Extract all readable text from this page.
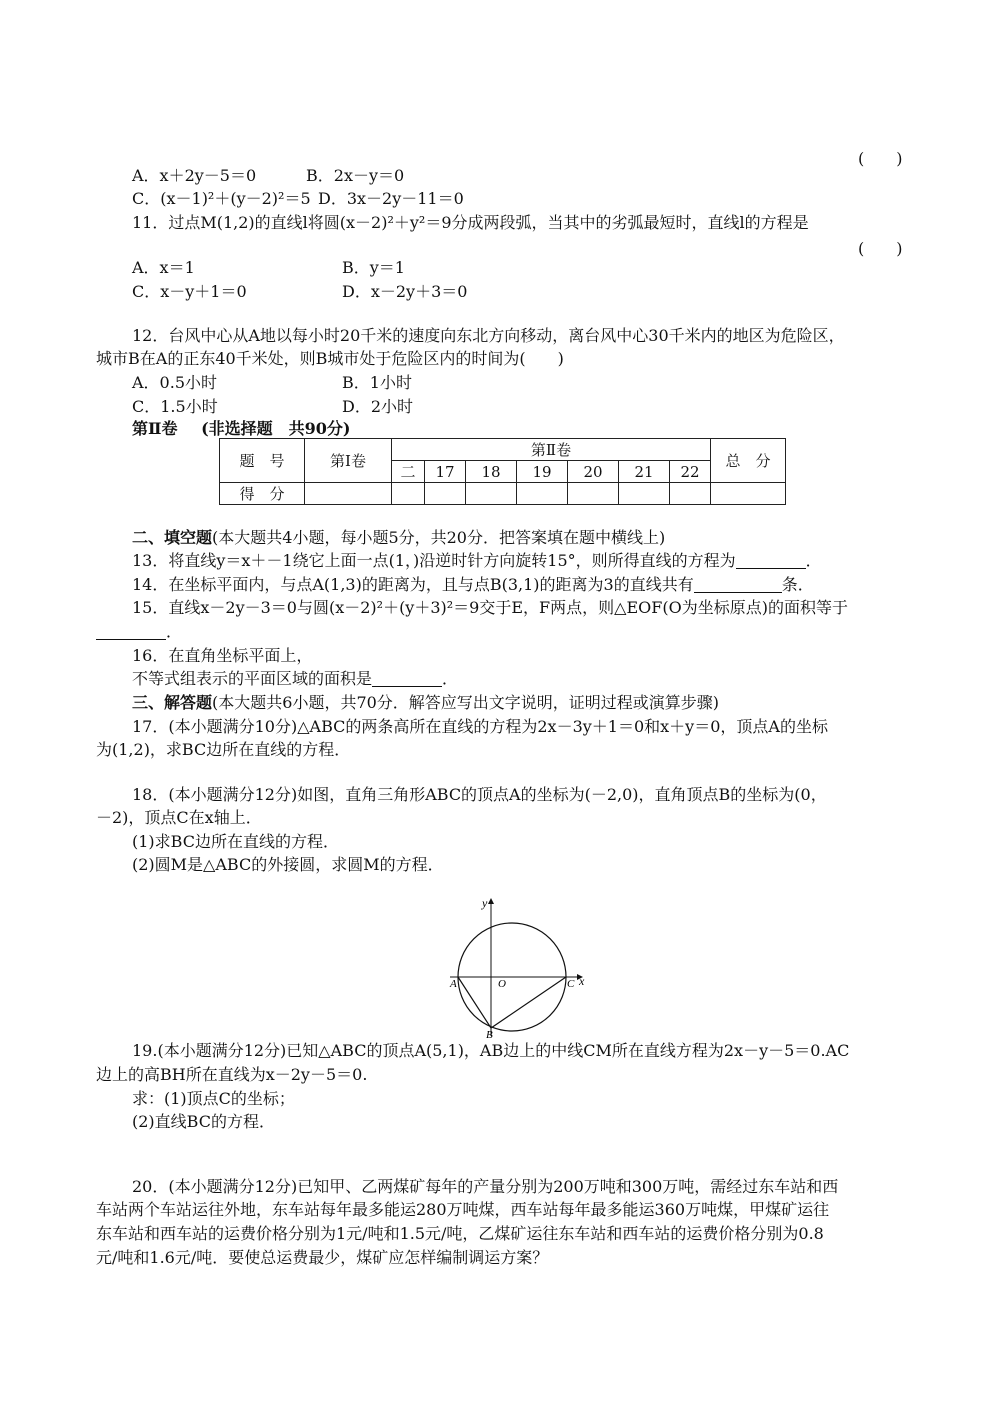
(　　)
A．x＋2y－5＝0	B．2x－y＝0
C．(x－1)²＋(y－2)²＝5 D．3x－2y－11＝0
11．过点M(1,2)的直线l将圆(x－2)²＋y²＝9分成两段弧，当其中的劣弧最短时，直线l的方程是
(　　)
A．x＝1	B．y＝1
C．x－y＋1＝0	D．x－2y＋3＝0
12．台风中心从A地以每小时20千米的速度向东北方向移动，离台风中心30千米内的地区为危险区，
城市B在A的正东40千米处，则B城市处于危险区内的时间为(　　)
A．0.5小时	B．1小时
C．1.5小时	D．2小时
第Ⅱ卷 (非选择题　共90分)
题　号	第Ⅰ卷	第Ⅱ卷							总　分
		二	17	18	19	20	21	22	
得　分									
二、填空题(本大题共4小题，每小题5分，共20分．把答案填在题中横线上)
13．将直线y＝x＋－1绕它上面一点(1，)沿逆时针方向旋转15°，则所得直线的方程为	．
14．在坐标平面内，与点A(1,3)的距离为，且与点B(3,1)的距离为3的直线共有	条．
15．直线x－2y－3＝0与圆(x－2)²＋(y＋3)²＝9交于E，F两点，则△EOF(O为坐标原点)的面积等于
．
16．在直角坐标平面上，
不等式组表示的平面区域的面积是	．
三、解答题(本大题共6小题，共70分．解答应写出文字说明，证明过程或演算步骤)
17．(本小题满分10分)△ABC的两条高所在直线的方程为2x－3y＋1＝0和x＋y＝0，顶点A的坐标
为(1,2)，求BC边所在直线的方程．
18．(本小题满分12分)如图，直角三角形ABC的顶点A的坐标为(－2,0)，直角顶点B的坐标为(0，
－2)，顶点C在x轴上．
(1)求BC边所在直线的方程．
(2)圆M是△ABC的外接圆，求圆M的方程．
y
x
O
A
B
C
19.(本小题满分12分)已知△ABC的顶点A(5,1)，AB边上的中线CM所在直线方程为2x－y－5＝0.AC
边上的高BH所在直线为x－2y－5＝0.
求：(1)顶点C的坐标；
(2)直线BC的方程．
20．(本小题满分12分)已知甲、乙两煤矿每年的产量分别为200万吨和300万吨，需经过东车站和西
车站两个车站运往外地，东车站每年最多能运280万吨煤，西车站每年最多能运360万吨煤，甲煤矿运往
东车站和西车站的运费价格分别为1元/吨和1.5元/吨，乙煤矿运往东车站和西车站的运费价格分别为0.8
元/吨和1.6元/吨．要使总运费最少，煤矿应怎样编制调运方案？
